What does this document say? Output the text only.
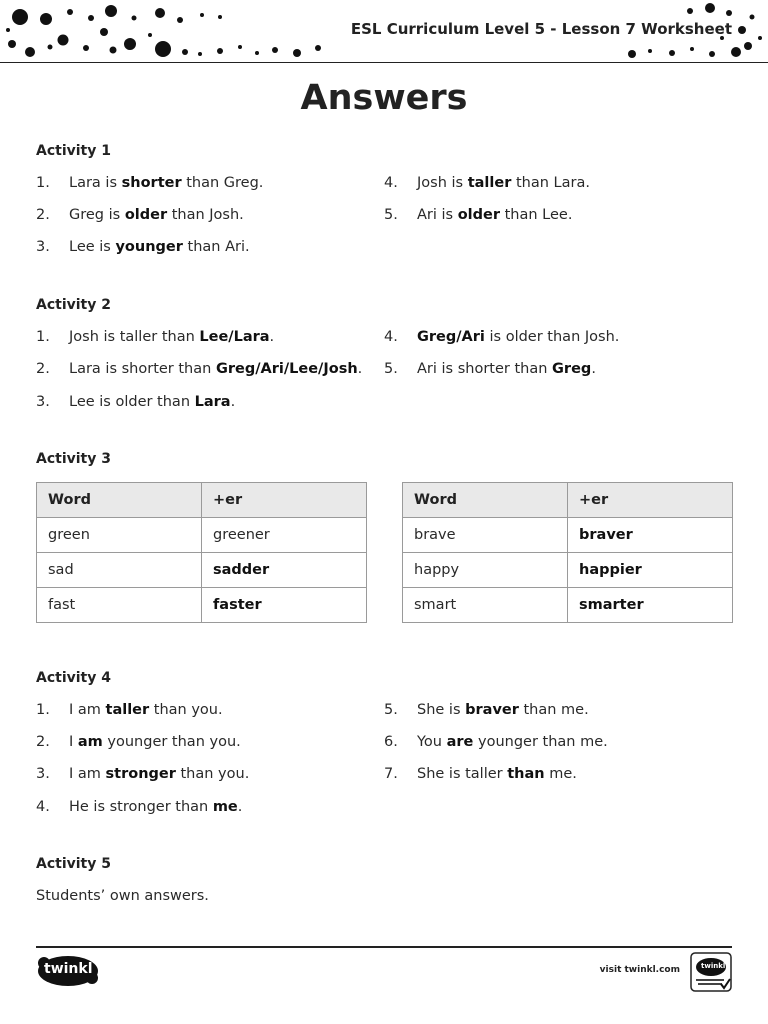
ESL Curriculum Level 5 - Lesson 7 Worksheet
Answers
Activity 1
1. Lara is shorter than Greg.
2. Greg is older than Josh.
3. Lee is younger than Ari.
4. Josh is taller than Lara.
5. Ari is older than Lee.
Activity 2
1. Josh is taller than Lee/Lara.
2. Lara is shorter than Greg/Ari/Lee/Josh.
3. Lee is older than Lara.
4. Greg/Ari is older than Josh.
5. Ari is shorter than Greg.
Activity 3
Word	+er
green	greener
sad	sadder
fast	faster
Word	+er
brave	braver
happy	happier
smart	smarter
Activity 4
1. I am taller than you.
2. I am younger than you.
3. I am stronger than you.
4. He is stronger than me.
5. She is braver than me.
6. You are younger than me.
7. She is taller than me.
Activity 5
Students’ own answers.
twinkl	visit twinkl.com	twinkl
